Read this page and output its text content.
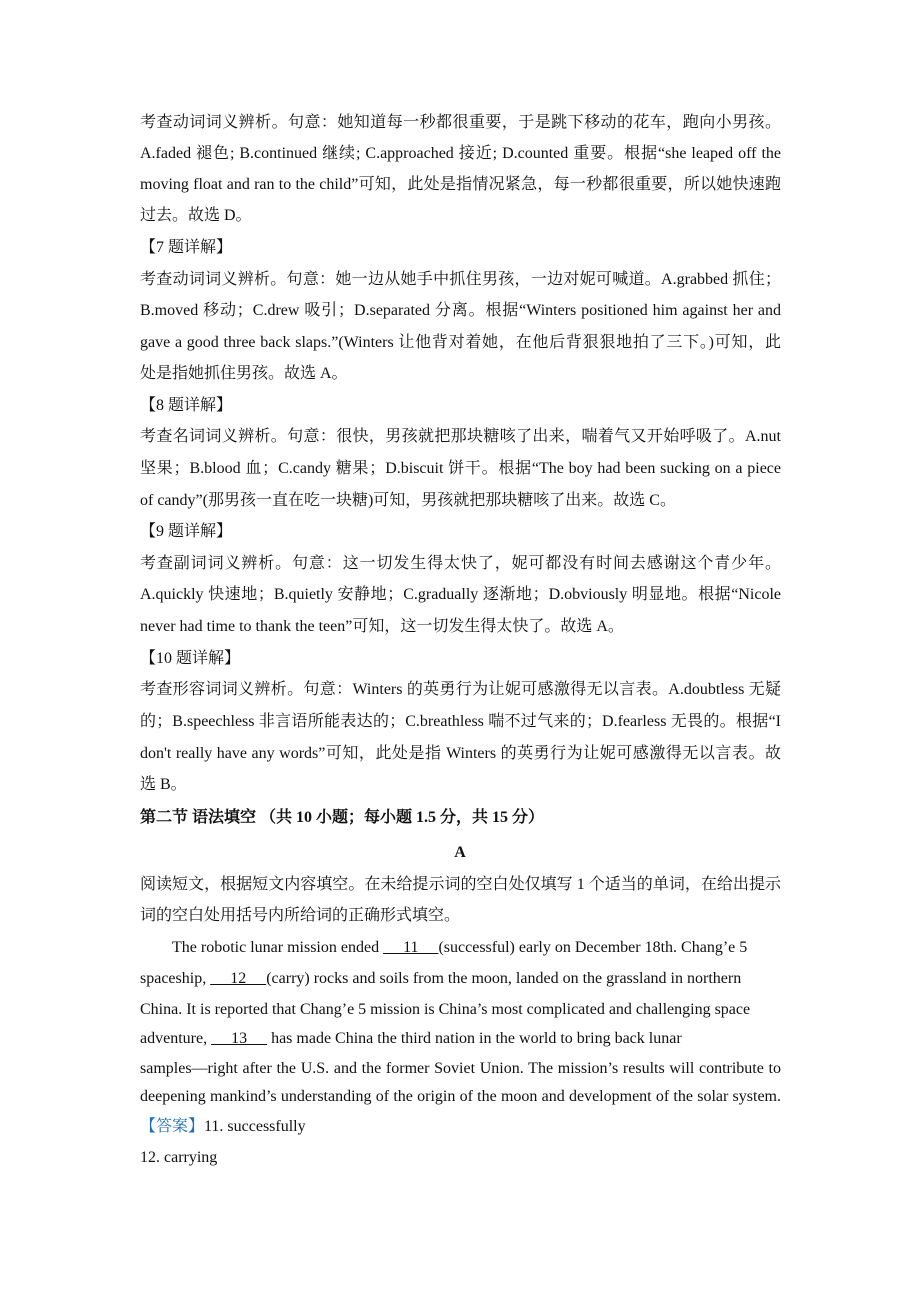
考查动词词义辨析。句意：她知道每一秒都很重要，于是跳下移动的花车，跑向小男孩。
A.faded 褪色; B.continued 继续; C.approached 接近; D.counted 重要。根据“she leaped off the
moving float and ran to the child”可知，此处是指情况紧急，每一秒都很重要，所以她快速跑
过去。故选 D。
【7 题详解】
考查动词词义辨析。句意：她一边从她手中抓住男孩，一边对妮可喊道。A.grabbed 抓住；
B.moved 移动；C.drew 吸引；D.separated 分离。根据“Winters positioned him against her and
gave a good three back slaps.”(Winters 让他背对着她，在他后背狠狠地拍了三下。)可知，此
处是指她抓住男孩。故选 A。
【8 题详解】
考查名词词义辨析。句意：很快，男孩就把那块糖咳了出来，喘着气又开始呼吸了。A.nut
坚果；B.blood 血；C.candy 糖果；D.biscuit 饼干。根据“The boy had been sucking on a piece
of candy”(那男孩一直在吃一块糖)可知，男孩就把那块糖咳了出来。故选 C。
【9 题详解】
考查副词词义辨析。句意：这一切发生得太快了，妮可都没有时间去感谢这个青少年。
A.quickly 快速地；B.quietly 安静地；C.gradually 逐渐地；D.obviously 明显地。根据“Nicole
never had time to thank the teen”可知，这一切发生得太快了。故选 A。
【10 题详解】
考查形容词词义辨析。句意：Winters 的英勇行为让妮可感激得无以言表。A.doubtless 无疑
的；B.speechless 非言语所能表达的；C.breathless 喘不过气来的；D.fearless 无畏的。根据“I
don't really have any words”可知，此处是指 Winters 的英勇行为让妮可感激得无以言表。故
选 B。
第二节 语法填空 （共 10 小题；每小题 1.5 分，共 15 分）
A
阅读短文，根据短文内容填空。在未给提示词的空白处仅填写 1 个适当的单词，在给出提示
词的空白处用括号内所给词的正确形式填空。
The robotic lunar mission ended      11     (successful) early on December 18th. Chang’e 5
spaceship,      12     (carry) rocks and soils from the moon, landed on the grassland in northern
China. It is reported that Chang’e 5 mission is China’s most complicated and challenging space
adventure,      13      has made China the third nation in the world to bring back lunar
samples—right after the U.S. and the former Soviet Union. The mission’s results will contribute to
deepening mankind’s understanding of the origin of the moon and development of the solar system.
【答案】11. successfully
12. carrying
